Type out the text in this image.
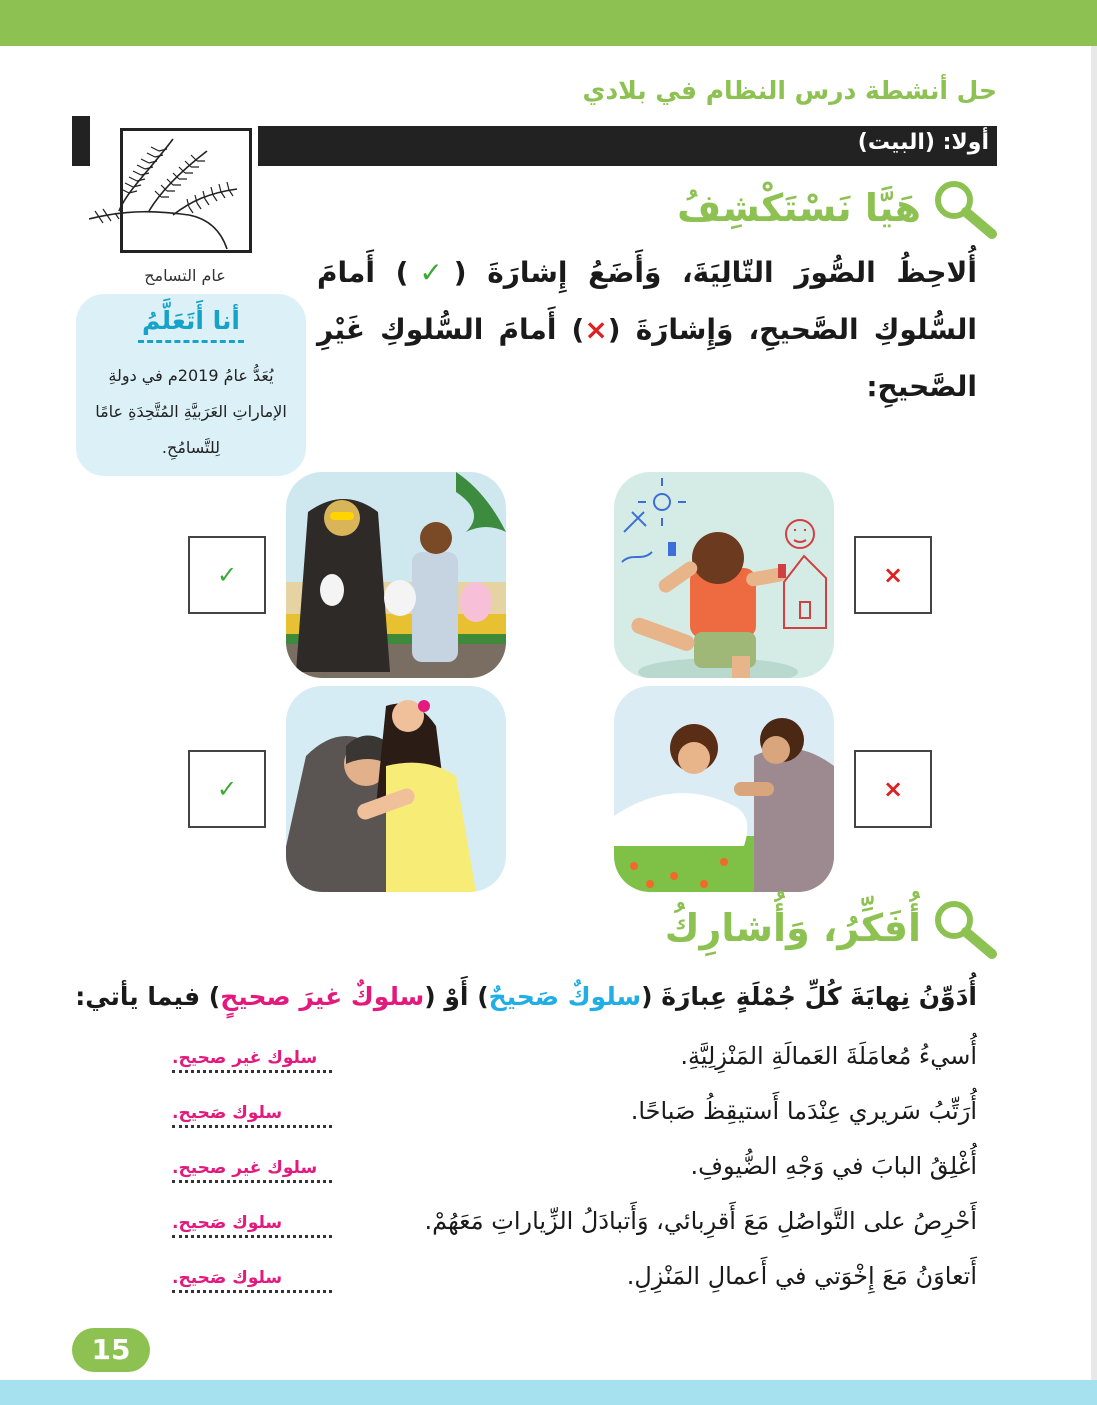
حل أنشطة درس النظام في بلادي
أولا: (البيت)
عام التسامح
هَيَّا نَسْتَكْشِفُ
أُلاحِظُ الصُّورَ التّالِيَةَ، وَأَضَعُ إِشارَةَ (✓) أَمامَ السُّلوكِ الصَّحيحِ، وَإِشارَةَ (×) أَمامَ السُّلوكِ غَيْرِ الصَّحيحِ:
أنا أَتَعَلَّمُ
يُعَدُّ عامُ 2019م في دولةِ الإماراتِ العَرَبيَّةِ المُتَّحِدَةِ عامًا لِلتَّسامُحِ.
×
✓
×
✓
أُفَكِّرُ، وَأُشارِكُ
أُدَوِّنُ نِهايَةَ كُلِّ جُمْلَةٍ عِبارَةَ (سلوكٌ صَحيحٌ) أَوْ (سلوكٌ غيرَ صحيحٍ) فيما يأتي:
أُسيءُ مُعامَلَةَ العَمالَةِ المَنْزِلِيَّةِ.
سلوك غير صحيح.
أُرَتِّبُ سَريري عِنْدَما أَستيقِظُ صَباحًا.
سلوك صَحيح.
أُغْلِقُ البابَ في وَجْهِ الضُّيوفِ.
سلوك غير صحيح.
أَحْرِصُ على التَّواصُلِ مَعَ أَقرِبائي، وَأَتبادَلُ الزِّياراتِ مَعَهُمْ.
سلوك صَحيح.
أَتعاوَنُ مَعَ إِخْوَتي في أَعمالِ المَنْزِلِ.
سلوك صَحيح.
15
